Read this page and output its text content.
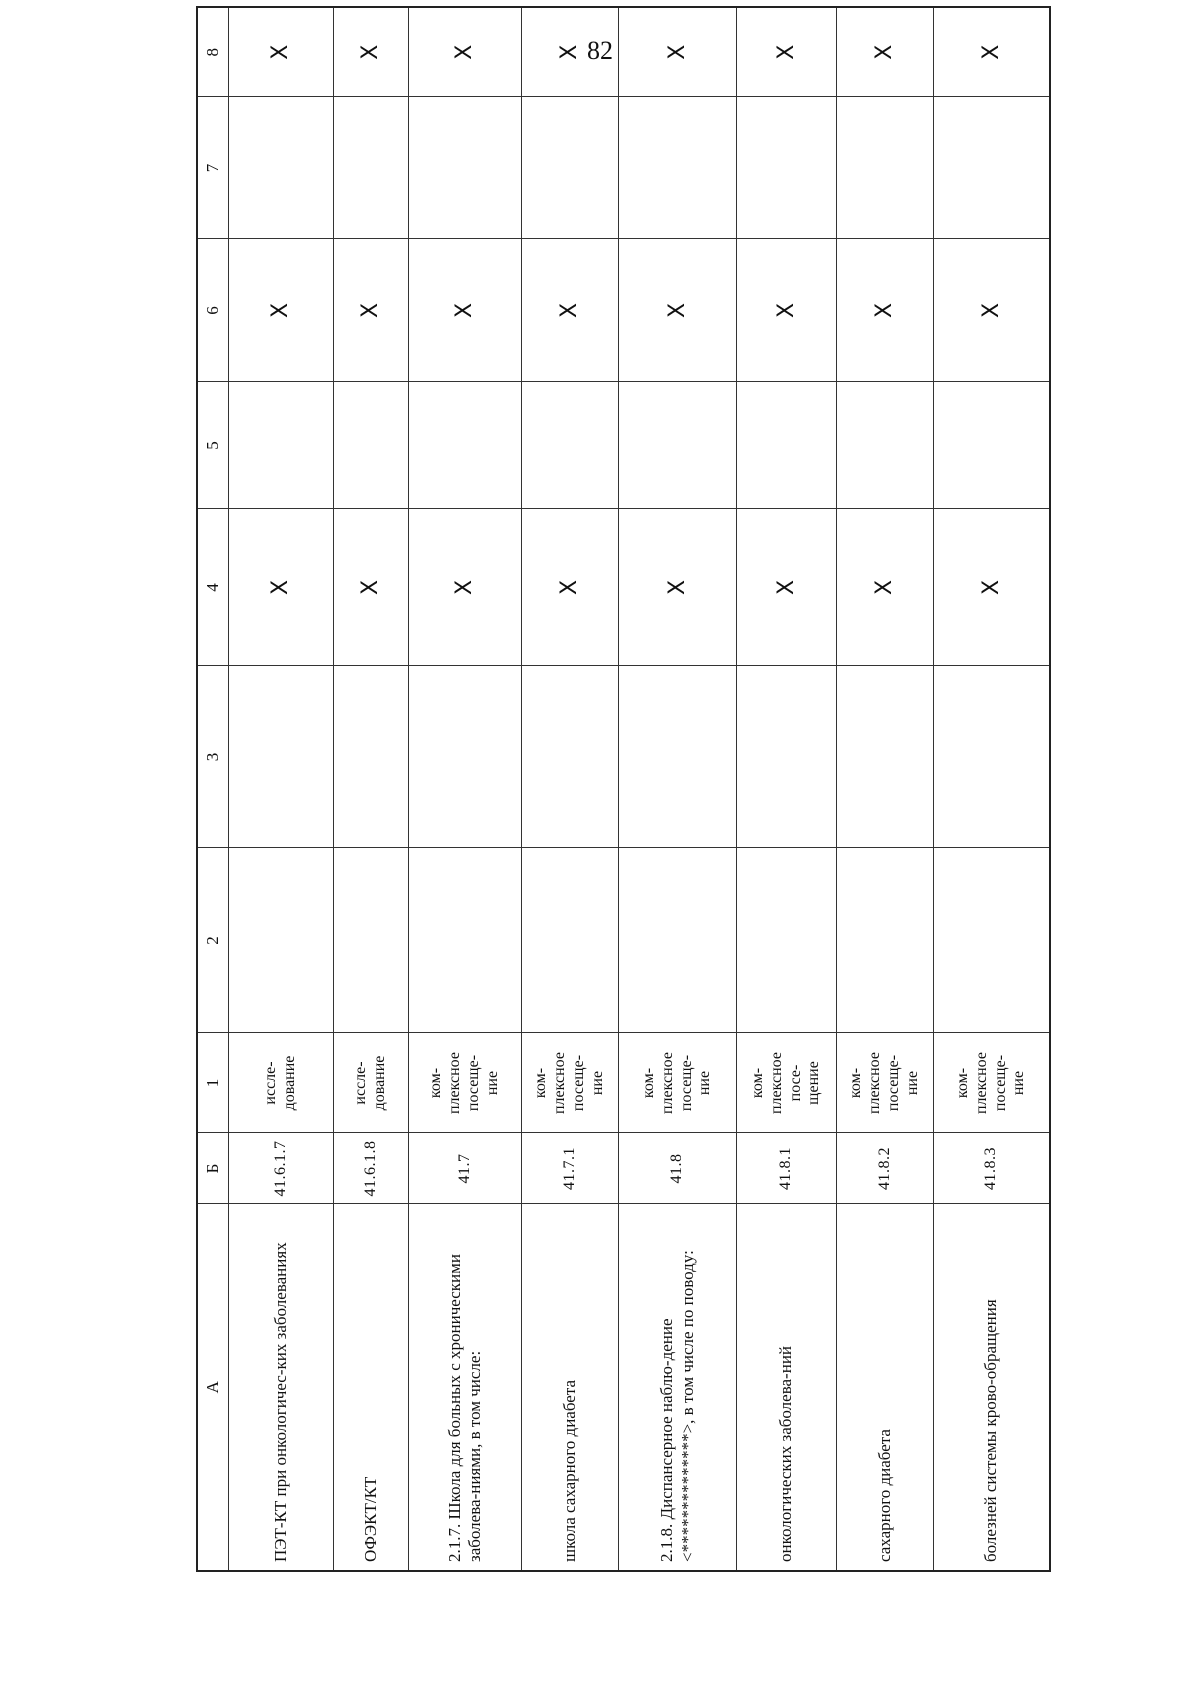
82
А	Б	1	2	3	4	5	6	7	8
ПЭТ-КТ при онкологичес-ких заболеваниях	41.6.1.7	иссле-
дование			X		X		X
ОФЭКТ/КТ	41.6.1.8	иссле-
дование			X		X		X
2.1.7. Школа для больных с хроническими заболева-ниями, в том числе:	41.7	ком-
плексное
посеще-
ние			X		X		X
школа сахарного диабета	41.7.1	ком-
плексное
посеще-
ние			X		X		X
2.1.8. Диспансерное наблю-дение <**************>, в том числе по поводу:	41.8	ком-
плексное
посеще-
ние			X		X		X
онкологических заболева-ний	41.8.1	ком-
плексное
посе-
щение			X		X		X
сахарного диабета	41.8.2	ком-
плексное
посеще-
ние			X		X		X
болезней системы крово-обращения	41.8.3	ком-
плексное
посеще-
ние			X		X		X
